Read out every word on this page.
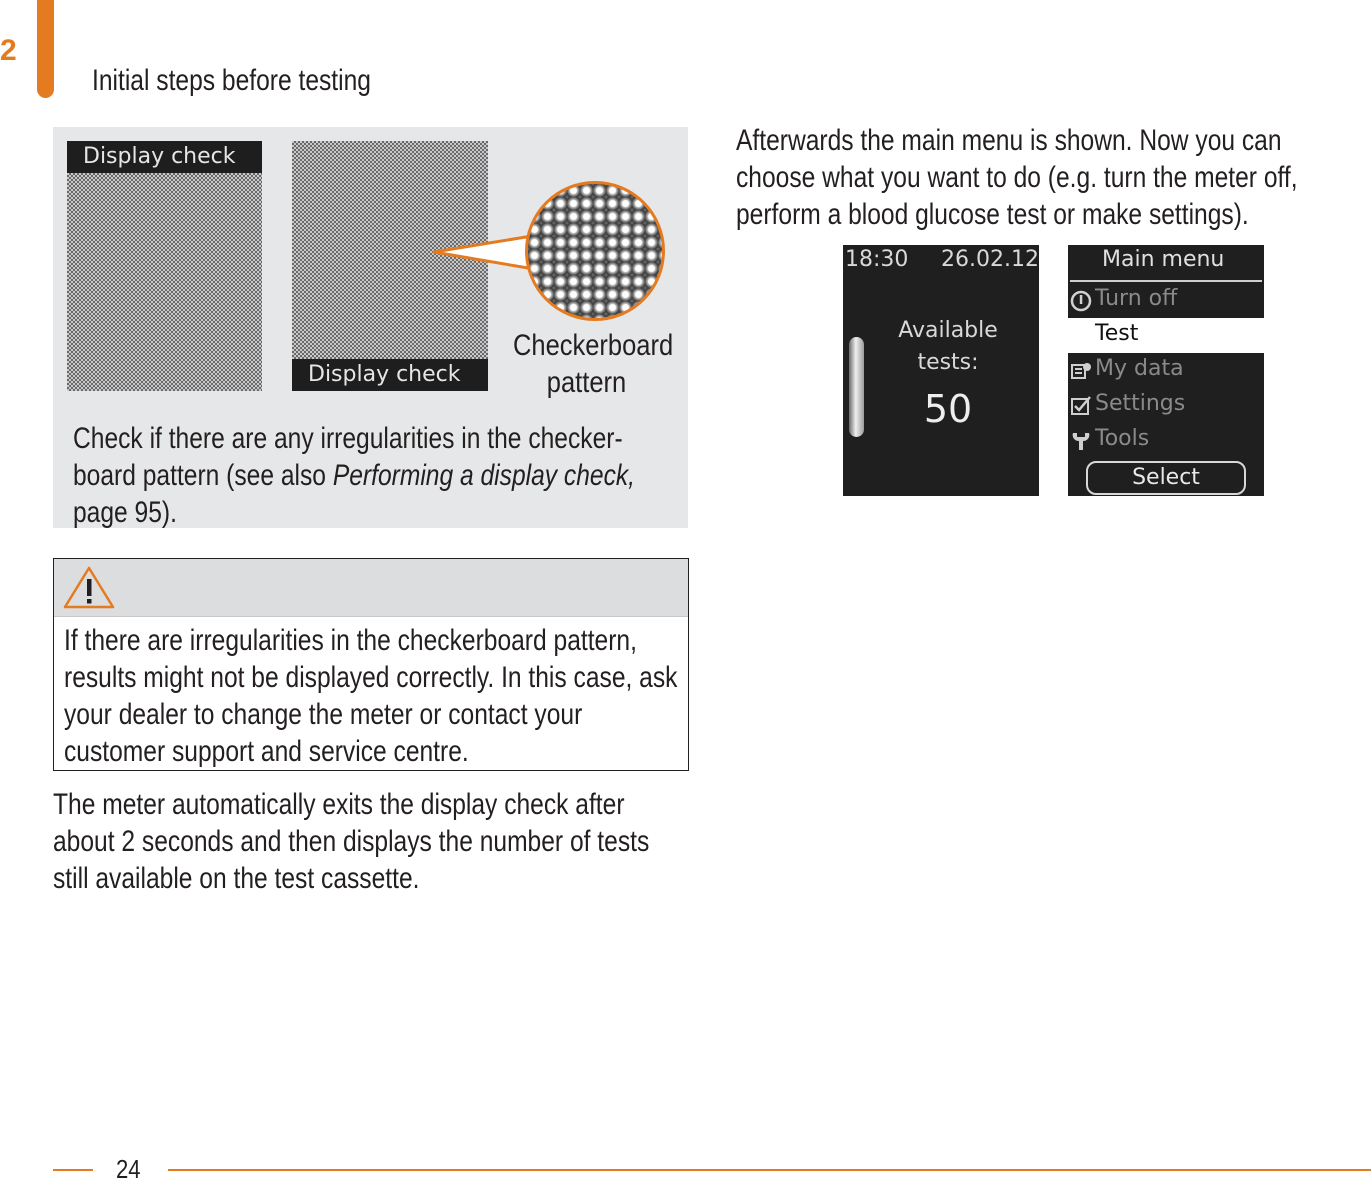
2
Initial steps before testing
Display check
Display check
Checkerboard pattern
Check if there are any irregularities in the checker-board pattern (see also Performing a display check, page 95).
If there are irregularities in the checkerboard pattern, results might not be displayed correctly. In this case, ask your dealer to change the meter or contact your customer support and service centre.
The meter automatically exits the display check after about 2 seconds and then displays the number of tests still available on the test cassette.
Afterwards the main menu is shown. Now you can choose what you want to do (e.g. turn the meter off, perform a blood glucose test or make settings).
18:30 26.02.12
Available tests:
50
Main menu
Turn off
Test
My data
Settings
Tools
Select
24
